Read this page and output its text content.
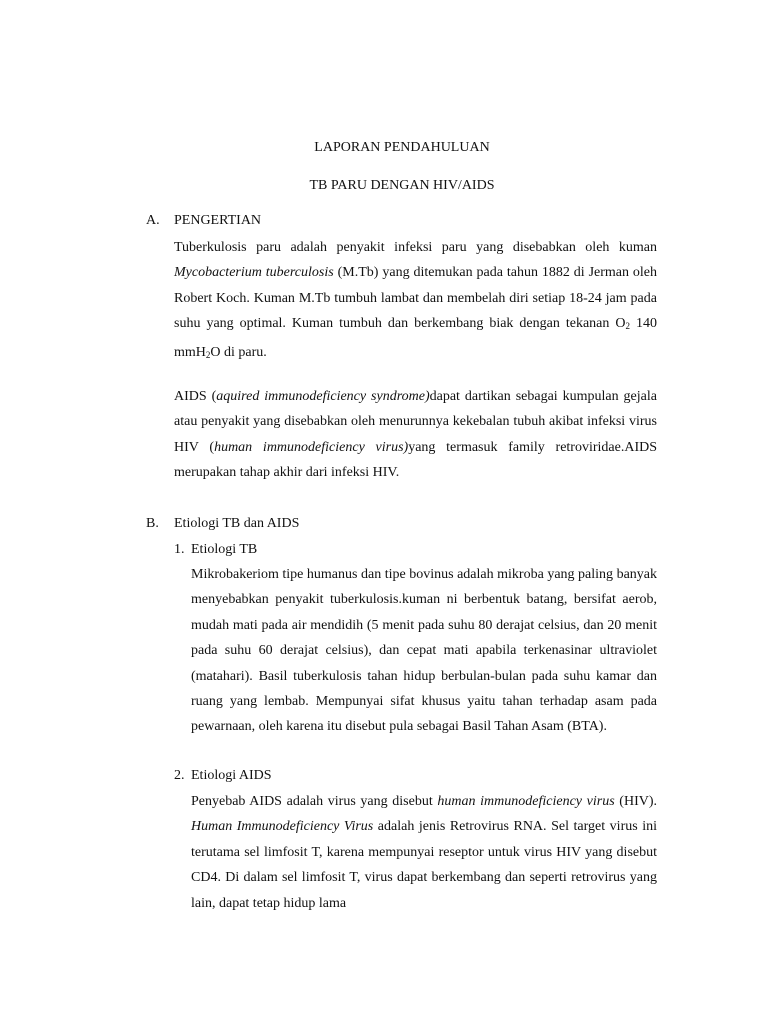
LAPORAN PENDAHULUAN
TB PARU DENGAN HIV/AIDS
A. PENGERTIAN

Tuberkulosis paru adalah penyakit infeksi paru yang disebabkan oleh kuman Mycobacterium tuberculosis (M.Tb) yang ditemukan pada tahun 1882 di Jerman oleh Robert Koch. Kuman M.Tb tumbuh lambat dan membelah diri setiap 18-24 jam pada suhu yang optimal. Kuman tumbuh dan berkembang biak dengan tekanan $O_2$ 140 mmH$_2$O di paru.

AIDS (aquired immunodeficiency syndrome)dapat dartikan sebagai kumpulan gejala atau penyakit yang disebabkan oleh menurunnya kekebalan tubuh akibat infeksi virus HIV (human immunodeficiency virus)yang termasuk family retroviridae.AIDS merupakan tahap akhir dari infeksi HIV.

B. Etiologi TB dan AIDS
1. Etiologi TB

Mikrobakeriom tipe humanus dan tipe bovinus adalah mikroba yang paling banyak menyebabkan penyakit tuberkulosis.kuman ni berbentuk batang, bersifat aerob, mudah mati pada air mendidih (5 menit pada suhu 80 derajat celsius, dan 20 menit pada suhu 60 derajat celsius), dan cepat mati apabila terkenasinar ultraviolet (matahari). Basil tuberkulosis tahan hidup berbulan-bulan pada suhu kamar dan ruang yang lembab. Mempunyai sifat khusus yaitu tahan terhadap asam pada pewarnaan, oleh karena itu disebut pula sebagai Basil Tahan Asam (BTA).

2. Etiologi AIDS

Penyebab AIDS adalah virus yang disebut human immunodeficiency virus (HIV). Human Immunodeficiency Virus adalah jenis Retrovirus RNA. Sel target virus ini terutama sel limfosit T, karena mempunyai reseptor untuk virus HIV yang disebut CD4. Di dalam sel limfosit T, virus dapat berkembang dan seperti retrovirus yang lain, dapat tetap hidup lama
